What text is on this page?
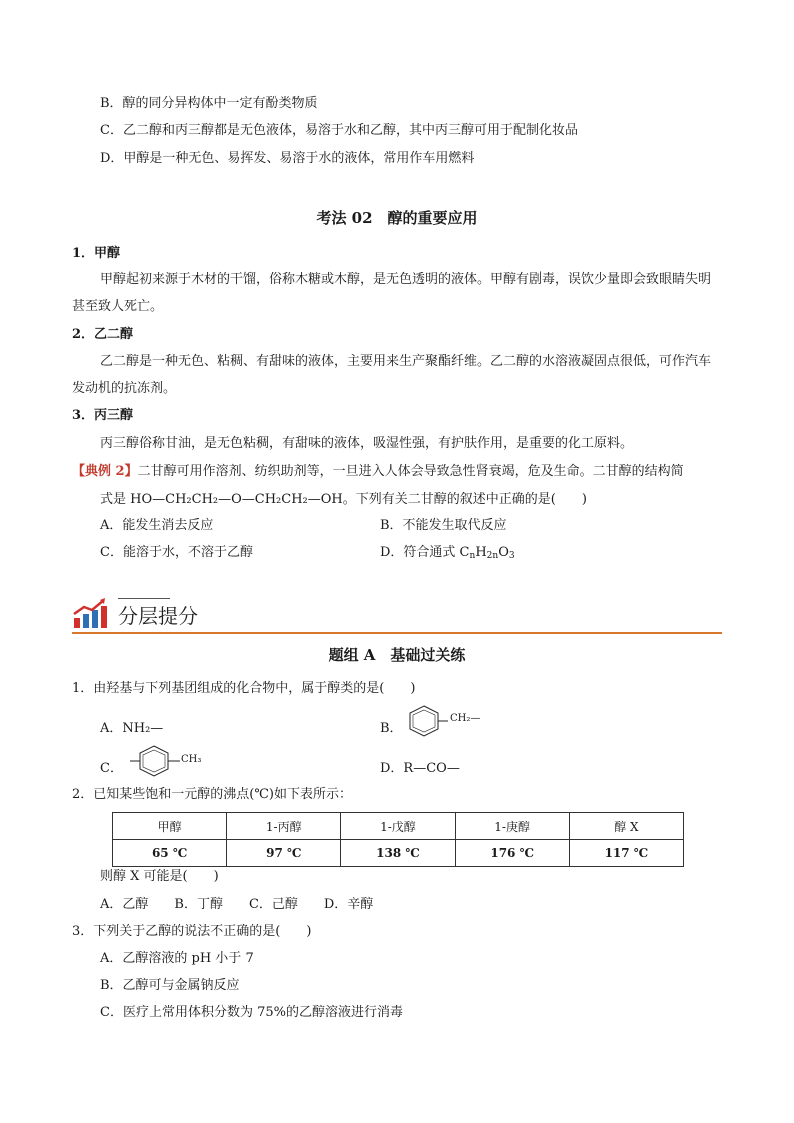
B．醇的同分异构体中一定有酚类物质
C．乙二醇和丙三醇都是无色液体，易溶于水和乙醇，其中丙三醇可用于配制化妆品
D．甲醇是一种无色、易挥发、易溶于水的液体，常用作车用燃料
考法 02　醇的重要应用
1．甲醇
甲醇起初来源于木材的干馏，俗称木糖或木醇，是无色透明的液体。甲醇有剧毒，误饮少量即会致眼睛失明甚至致人死亡。
2．乙二醇
乙二醇是一种无色、粘稠、有甜味的液体，主要用来生产聚酯纤维。乙二醇的水溶液凝固点很低，可作汽车发动机的抗冻剂。
3．丙三醇
丙三醇俗称甘油，是无色粘稠，有甜味的液体，吸湿性强，有护肤作用，是重要的化工原料。
【典例 2】二甘醇可用作溶剂、纺织助剂等，一旦进入人体会导致急性肾衰竭，危及生命。二甘醇的结构简
式是 HO—CH₂CH₂—O—CH₂CH₂—OH。下列有关二甘醇的叙述中正确的是(　　)
A．能发生消去反应	B．不能发生取代反应
C．能溶于水，不溶于乙醇	D．符合通式 $C_nH_{2n}O_3$
分层提分
题组 A　基础过关练
1．由羟基与下列基团组成的化合物中，属于醇类的是(　　)
A．NH₂—	B．
CH₂—
C．
CH₃
D．R—CO—
2．已知某些饱和一元醇的沸点(℃)如下表所示：
甲醇	1-丙醇	1-戊醇	1-庚醇	醇 X
65 ℃	97 ℃	138 ℃	176 ℃	117 ℃
则醇 X 可能是(　　)
A．乙醇　　B．丁醇　　C．己醇　　D．辛醇
3．下列关于乙醇的说法不正确的是(　　)
A．乙醇溶液的 pH 小于 7
B．乙醇可与金属钠反应
C．医疗上常用体积分数为 75%的乙醇溶液进行消毒
